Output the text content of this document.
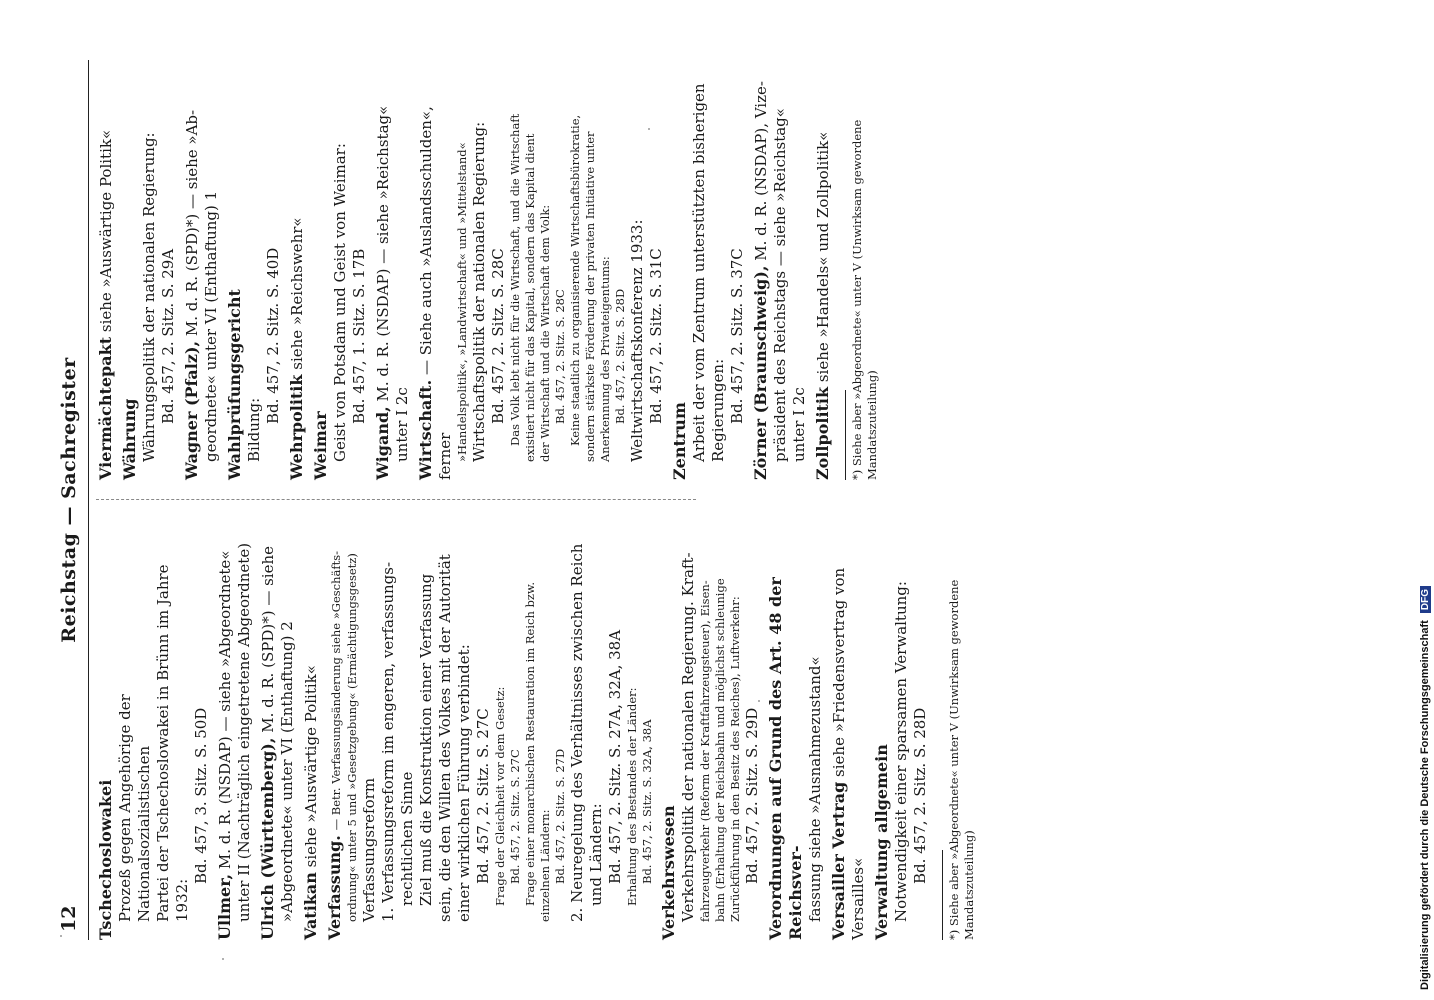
12
Reichstag — Sachregister
Tschechoslowakei Prozeß gegen Angehörige der Nationalsozialistischen Partei der Tschechoslowakei in Brünn im Jahre 1932:
Bd. 457, 3. Sitz. S. 50D
Ullmer, M. d. R. (NSDAP) — siehe »Abgeordnete« unter II (Nachträglich eingetretene Abgeordnete) Ulrich (Württemberg), M. d. R. (SPD)*) — siehe »Abgeordnete« unter VI (Enthaftung) 2 Vatikan siehe »Auswärtige Politik«
Verfassung. — Betr. Verfassungsänderung siehe »Geschäfts- ordnung« unter 5 und »Gesetzgebung« (Ermächtigungsgesetz) Verfassungsreform 1. Verfassungsreform im engeren, verfassungs- rechtlichen Sinne Ziel muß die Konstruktion einer Verfassung sein, die den Willen des Volkes mit der Autorität einer wirklichen Führung verbindet: Bd. 457, 2. Sitz. S. 27C Frage der Gleichheit vor dem Gesetz: Bd. 457, 2. Sitz. S. 27C Frage einer monarchischen Restauration im Reich bzw. einzelnen Ländern: Bd. 457, 2. Sitz. S. 27D 2. Neuregelung des Verhältnisses zwischen Reich und Ländern: Bd. 457, 2. Sitz. S. 27A, 32A, 38A Erhaltung des Bestandes der Länder: Bd. 457, 2. Sitz. S. 32A, 38A Verkehrswesen Verkehrspolitik der nationalen Regierung. Kraft- fahrzeugverkehr (Reform der Kraftfahrzeugsteuer), Eisen- bahn (Erhaltung der Reichsbahn und möglichst schleunige Zurückführung in den Besitz des Reiches), Luftverkehr: Bd. 457, 2. Sitz. S. 29D Verordnungen auf Grund des Art. 48 der Reichsver- fassung siehe »Ausnahmezustand« Versailler Vertrag siehe »Friedensvertrag von Versailles« Verwaltung allgemein Notwendigkeit einer sparsamen Verwaltung: Bd. 457, 2. Sitz. S. 28D *) Siehe aber »Abgeordnete« unter V (Unwirksam gewordene Mandatszuteilung)
Viermächtepakt siehe »Auswärtige Politik«
Währung Währungspolitik der nationalen Regierung: Bd. 457, 2. Sitz. S. 29A Wagner (Pfalz), M. d. R. (SPD)*) — siehe »Ab- geordnete« unter VI (Enthaftung) 1 Wahlprüfungsgericht Bildung:
Bd. 457, 2. Sitz. S. 40D
Wehrpolitik siehe »Reichswehr«
Weimar Geist von Potsdam und Geist von Weimar: Bd. 457, 1. Sitz. S. 17B
Wigand, M. d. R. (NSDAP) — siehe »Reichstag«
unter I 2c Wirtschaft. — Siehe auch »Auslandsschulden«, ferner »Handelspolitik«, »Landwirtschaft« und »Mittelstand« Wirtschaftspolitik der nationalen Regierung: Bd. 457, 2. Sitz. S. 28C Das Volk lebt nicht für die Wirtschaft, und die Wirtschaft existiert nicht für das Kapital, sondern das Kapital dient der Wirtschaft und die Wirtschaft dem Volk: Bd. 457, 2. Sitz. S. 28C Keine staatlich zu organisierende Wirtschaftsbürokratie, sondern stärkste Förderung der privaten Initiative unter Anerkennung des Privateigentums: Bd. 457, 2. Sitz. S. 28D Weltwirtschaftskonferenz 1933: Bd. 457, 2. Sitz. S. 31C
Zentrum Arbeit der vom Zentrum unterstützten bisherigen Regierungen: Bd. 457, 2. Sitz. S. 37C Zörner (Braunschweig), M. d. R. (NSDAP), Vize- präsident des Reichstags — siehe »Reichstag« unter I 2c Zollpolitik siehe »Handels« und Zollpolitik« *) Siehe aber »Abgeordnete« unter V (Unwirksam gewordene Mandatszuteilung)
Digitalisierung gefördert durch die Deutsche Forschungsgemeinschaft DFG
